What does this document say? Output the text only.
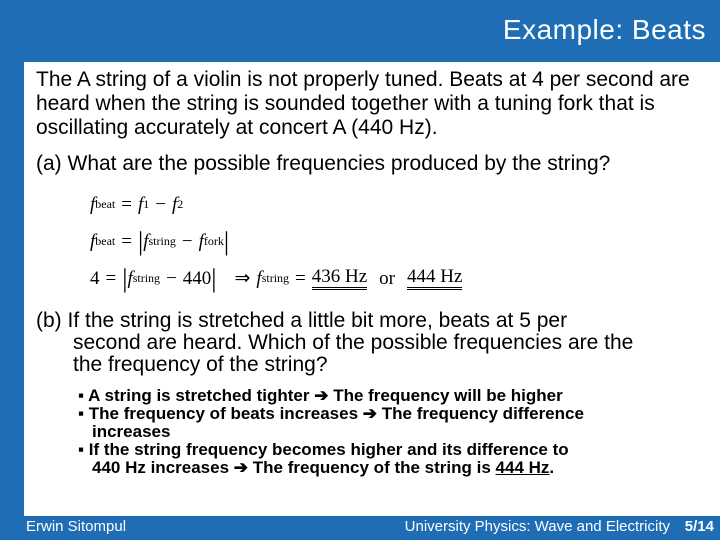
Example: Beats
The A string of a violin is not properly tuned. Beats at 4 per second are heard when the string is sounded together with a tuning fork that is oscillating accurately at concert A (440 Hz).
(a) What are the possible frequencies produced by the string?
f beat = f 1 − f 2
f beat = | f string − f fork |
4 = | f string − 440 | ⇒ f string = 436 Hz or 444 Hz
(b) If the string is stretched a little bit more, beats at 5 per
second are heard. Which of the possible frequencies are the
the frequency of the string?
▪ A string is stretched tighter ➔ The frequency will be higher
▪ The frequency of beats increases ➔ The frequency difference
increases
▪ If the string frequency becomes higher and its difference to
440 Hz increases ➔ The frequency of the string is 444 Hz.
Erwin Sitompul	University Physics: Wave and Electricity 5/14
